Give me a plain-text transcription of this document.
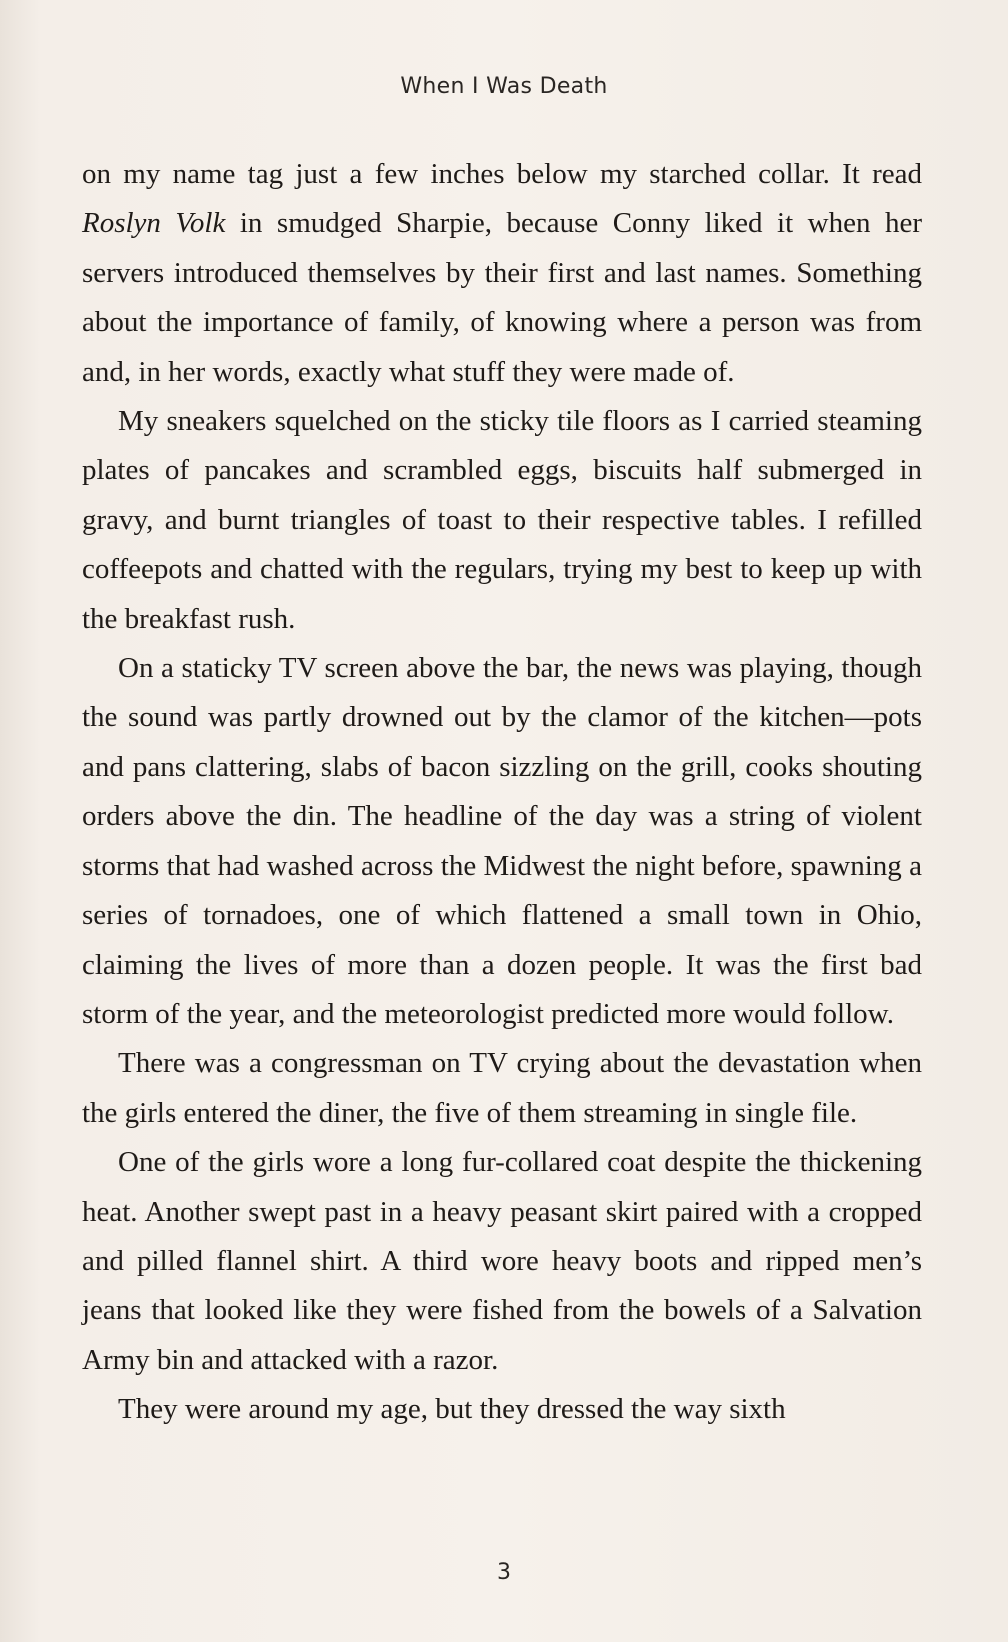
When I Was Death

on my name tag just a few inches below my starched collar. It read Roslyn Volk in smudged Sharpie, because Conny liked it when her servers introduced themselves by their first and last names. Something about the importance of family, of knowing where a person was from and, in her words, exactly what stuff they were made of.

My sneakers squelched on the sticky tile floors as I carried steaming plates of pancakes and scrambled eggs, biscuits half submerged in gravy, and burnt triangles of toast to their respective tables. I refilled coffeepots and chatted with the regulars, trying my best to keep up with the breakfast rush.

On a staticky TV screen above the bar, the news was playing, though the sound was partly drowned out by the clamor of the kitchen—pots and pans clattering, slabs of bacon sizzling on the grill, cooks shouting orders above the din. The headline of the day was a string of violent storms that had washed across the Midwest the night before, spawning a series of tornadoes, one of which flattened a small town in Ohio, claiming the lives of more than a dozen people. It was the first bad storm of the year, and the meteorologist predicted more would follow.

There was a congressman on TV crying about the devastation when the girls entered the diner, the five of them streaming in single file.

One of the girls wore a long fur-collared coat despite the thickening heat. Another swept past in a heavy peasant skirt paired with a cropped and pilled flannel shirt. A third wore heavy boots and ripped men’s jeans that looked like they were fished from the bowels of a Salvation Army bin and attacked with a razor.

They were around my age, but they dressed the way sixth

3
